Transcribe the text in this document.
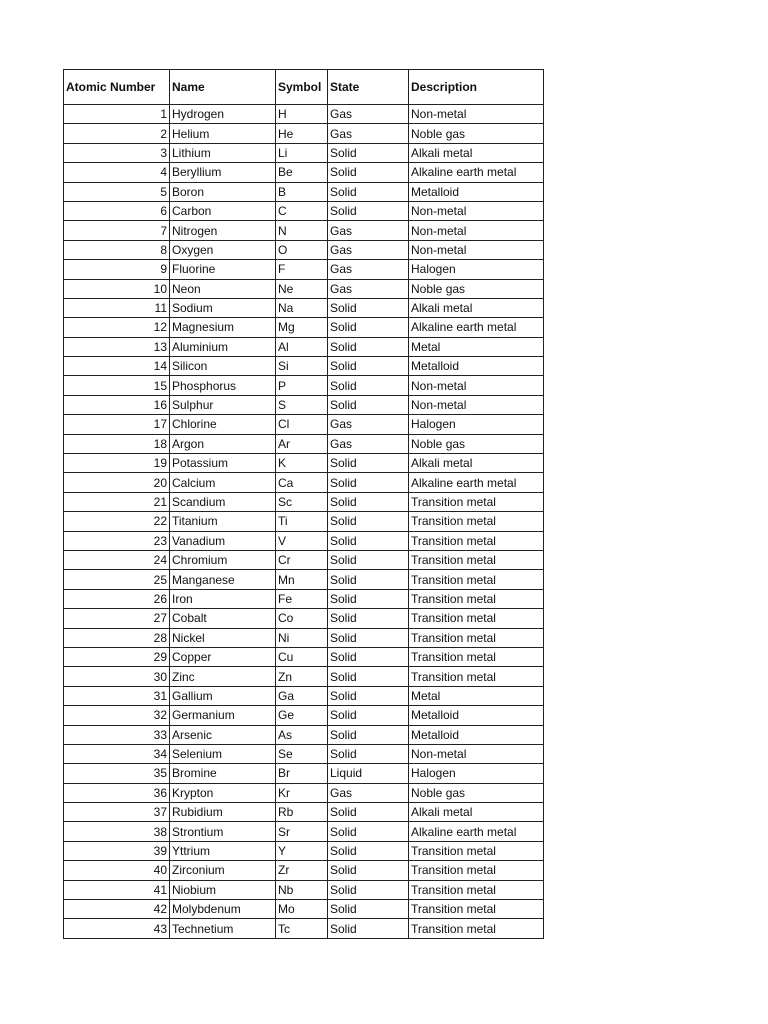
Atomic Number	Name	Symbol	State	Description
1	Hydrogen	H	Gas	Non-metal
2	Helium	He	Gas	Noble gas
3	Lithium	Li	Solid	Alkali metal
4	Beryllium	Be	Solid	Alkaline earth metal
5	Boron	B	Solid	Metalloid
6	Carbon	C	Solid	Non-metal
7	Nitrogen	N	Gas	Non-metal
8	Oxygen	O	Gas	Non-metal
9	Fluorine	F	Gas	Halogen
10	Neon	Ne	Gas	Noble gas
11	Sodium	Na	Solid	Alkali metal
12	Magnesium	Mg	Solid	Alkaline earth metal
13	Aluminium	Al	Solid	Metal
14	Silicon	Si	Solid	Metalloid
15	Phosphorus	P	Solid	Non-metal
16	Sulphur	S	Solid	Non-metal
17	Chlorine	Cl	Gas	Halogen
18	Argon	Ar	Gas	Noble gas
19	Potassium	K	Solid	Alkali metal
20	Calcium	Ca	Solid	Alkaline earth metal
21	Scandium	Sc	Solid	Transition metal
22	Titanium	Ti	Solid	Transition metal
23	Vanadium	V	Solid	Transition metal
24	Chromium	Cr	Solid	Transition metal
25	Manganese	Mn	Solid	Transition metal
26	Iron	Fe	Solid	Transition metal
27	Cobalt	Co	Solid	Transition metal
28	Nickel	Ni	Solid	Transition metal
29	Copper	Cu	Solid	Transition metal
30	Zinc	Zn	Solid	Transition metal
31	Gallium	Ga	Solid	Metal
32	Germanium	Ge	Solid	Metalloid
33	Arsenic	As	Solid	Metalloid
34	Selenium	Se	Solid	Non-metal
35	Bromine	Br	Liquid	Halogen
36	Krypton	Kr	Gas	Noble gas
37	Rubidium	Rb	Solid	Alkali metal
38	Strontium	Sr	Solid	Alkaline earth metal
39	Yttrium	Y	Solid	Transition metal
40	Zirconium	Zr	Solid	Transition metal
41	Niobium	Nb	Solid	Transition metal
42	Molybdenum	Mo	Solid	Transition metal
43	Technetium	Tc	Solid	Transition metal
